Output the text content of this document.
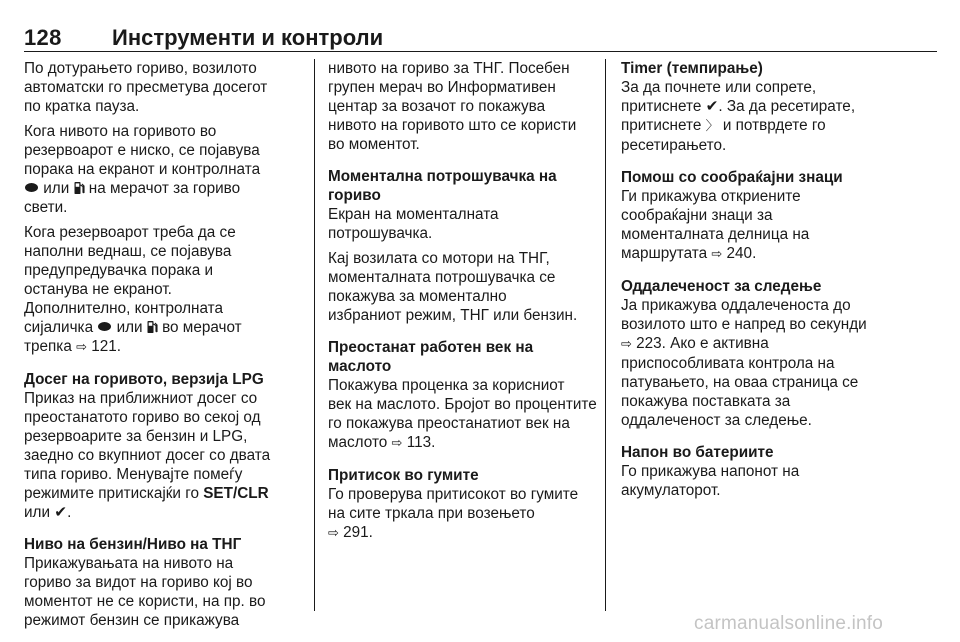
128 Инструменти и контроли
По дотурањето гориво, возилото
автоматски го пресметува досегот
по кратка пауза.
Кога нивото на горивото во
резервоарот е ниско, се појавува
порака на екранот и контролната
или на мерачот за гориво
свети.
Кога резервоарот треба да се
наполни веднаш, се појавува
предупредувачка порака и
останува не екранот.
Дополнително, контролната
сијаличка или во мерачот
трепка ⇨ 121.
Досег на горивото, верзија LPG
Приказ на приближниот досег со
преостанатото гориво во секој од
резервоарите за бензин и LPG,
заедно со вкупниот досег со двата
типа гориво. Менувајте помеѓу
режимите притискајќи го SET/CLR
или ✔.
Ниво на бензин/Ниво на ТНГ
Прикажувањата на нивото на
гориво за видот на гориво кој во
моментот не се користи, на пр. во
режимот бензин се прикажува
нивото на гориво за ТНГ. Посебен
групен мерач во Информативен
центар за возачот го покажува
нивото на горивото што се користи
во моментот.
Моментална потрошувачка на
гориво
Екран на моменталната
потрошувачка.
Кај возилата со мотори на ТНГ,
моменталната потрошувачка се
покажува за моментално
избраниот режим, ТНГ или бензин.
Преостанат работен век на
маслото
Покажува проценка за корисниот
век на маслото. Бројот во процентите
го покажува преостанатиот век на
маслото ⇨ 113.
Притисок во гумите
Го проверува притисокот во гумите
на сите тркала при возењето
⇨ 291.
Timer (темпирање)
За да почнете или сопрете,
притиснете ✔. За да ресетирате,
притиснете 〉 и потврдете го
ресетирањето.
Помош со сообраќајни знаци
Ги прикажува откриените
сообраќајни знаци за
моменталната делница на
маршрутата ⇨ 240.
Оддалеченост за следење
Ја прикажува оддалеченоста до
возилото што е напред во секунди
⇨ 223. Ако е активна
приспособливата контрола на
патувањето, на оваа страница се
покажува поставката за
оддалеченост за следење.
Напон во батериите
Го прикажува напонот на
акумулаторот.
carmanualsonline.info
